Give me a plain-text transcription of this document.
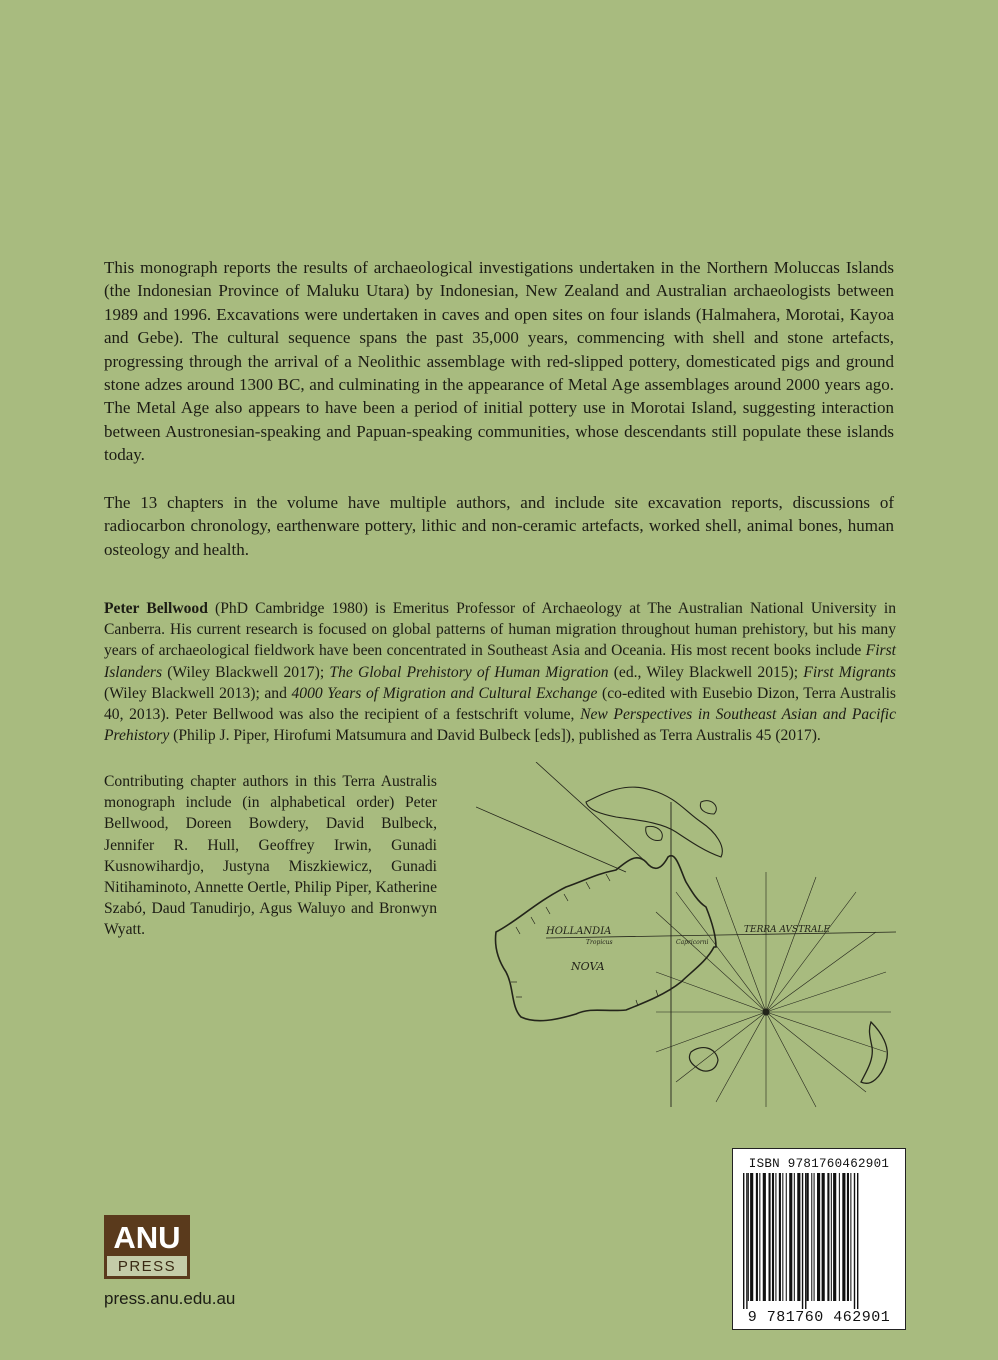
This monograph reports the results of archaeological investigations undertaken in the Northern Moluccas Islands (the Indonesian Province of Maluku Utara) by Indonesian, New Zealand and Australian archaeologists between 1989 and 1996. Excavations were undertaken in caves and open sites on four islands (Halmahera, Morotai, Kayoa and Gebe). The cultural sequence spans the past 35,000 years, commencing with shell and stone artefacts, progressing through the arrival of a Neolithic assemblage with red-slipped pottery, domesticated pigs and ground stone adzes around 1300 BC, and culminating in the appearance of Metal Age assemblages around 2000 years ago. The Metal Age also appears to have been a period of initial pottery use in Morotai Island, suggesting interaction between Austronesian-speaking and Papuan-speaking communities, whose descendants still populate these islands today.

The 13 chapters in the volume have multiple authors, and include site excavation reports, discussions of radiocarbon chronology, earthenware pottery, lithic and non-ceramic artefacts, worked shell, animal bones, human osteology and health.

Peter Bellwood (PhD Cambridge 1980) is Emeritus Professor of Archaeology at The Australian National University in Canberra. His current research is focused on global patterns of human migration throughout human prehistory, but his many years of archaeological fieldwork have been concentrated in Southeast Asia and Oceania. His most recent books include First Islanders (Wiley Blackwell 2017); The Global Prehistory of Human Migration (ed., Wiley Blackwell 2015); First Migrants (Wiley Blackwell 2013); and 4000 Years of Migration and Cultural Exchange (co-edited with Eusebio Dizon, Terra Australis 40, 2013). Peter Bellwood was also the recipient of a festschrift volume, New Perspectives in Southeast Asian and Pacific Prehistory (Philip J. Piper, Hirofumi Matsumura and David Bulbeck [eds]), published as Terra Australis 45 (2017).

Contributing chapter authors in this Terra Australis monograph include (in alphabetical order) Peter Bellwood, Doreen Bowdery, David Bulbeck, Jennifer R. Hull, Geoffrey Irwin, Gunadi Kusnowihardjo, Justyna Miszkiewicz, Gunadi Nitihaminoto, Annette Oertle, Philip Piper, Katherine Szabó, Daud Tanudirjo, Agus Waluyo and Bronwyn Wyatt.	HOLLANDIA
NOVA
TERRA AVSTRALE
Tropicus	Capricorni
ISBN 9781760462901
9 781760 462901
ANU
PRESS
press.anu.edu.au
